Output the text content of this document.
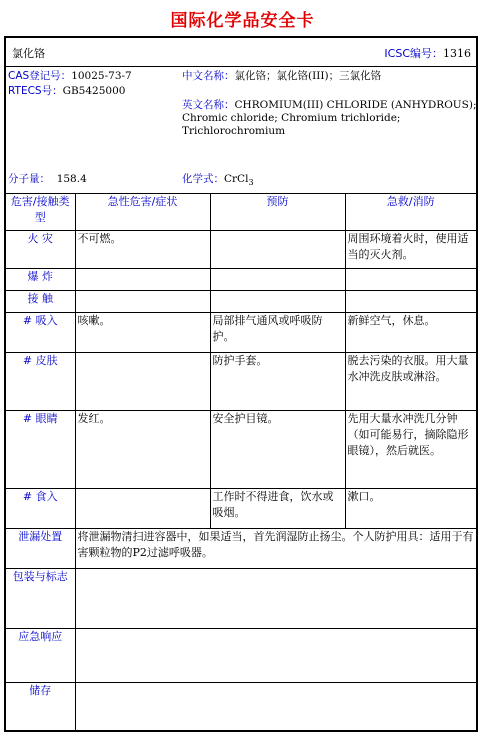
国际化学品安全卡
氯化铬	ICSC编号：1316
CAS登记号：10025-73-7
RTECS号：GB5425000
中文名称：氯化铬；氯化铬(III)；三氯化铬
英文名称：CHROMIUM(III) CHLORIDE (ANHYDROUS);
Chromic chloride; Chromium trichloride;
Trichlorochromium
分子量： 158.4	化学式：CrCl$_3$
危害/接触类型	急性危害/症状	预防	急救/消防
火 灾	不可燃。		周围环境着火时，使用适当的灭火剂。
爆 炸			
接 触			
# 吸入	咳嗽。	局部排气通风或呼吸防护。	新鲜空气，休息。
# 皮肤		防护手套。	脱去污染的衣服。用大量水冲洗皮肤或淋浴。
# 眼睛	发红。	安全护目镜。	先用大量水冲洗几分钟（如可能易行，摘除隐形眼镜），然后就医。
# 食入		工作时不得进食，饮水或吸烟。	漱口。
泄漏处置	将泄漏物清扫进容器中，如果适当，首先润湿防止扬尘。个人防护用具：适用于有害颗粒物的P2过滤呼吸器。		
包装与标志			
应急响应			
储存			
